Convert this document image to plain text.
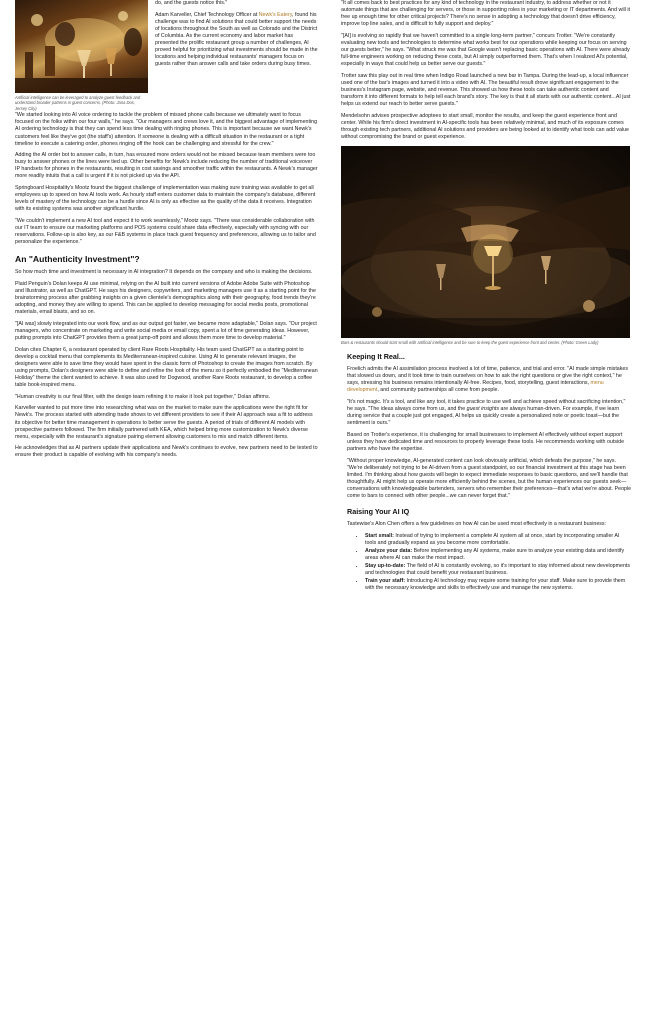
Artificial intelligence can be leveraged to analyze guest feedback and understand broader patterns in guest concerns. (Photo: Jana Dos, Jersey City)

do, and the guests notice this."

Adam Karveller, Chief Technology Officer at Newk's Eatery, found his challenge was to find AI solutions that could better support the needs of locations throughout the South as well as Colorado and the District of Columbia. As the current economy and labor market has presented the prolific restaurant group a number of challenges, AI proved helpful for prioritizing what investments should be made in the locations and helping individual restaurants' managers focus on guests rather than answer calls and take orders during busy times.

"We started looking into AI voice ordering to tackle the problem of missed phone calls because we ultimately want to focus focused on the folks within our four walls," he says. "Our managers and crews love it, and the biggest advantage of implementing AI ordering technology is that they can spend less time dealing with ringing phones. This is important because we want Newk's customers feel like they've got (the staff's) attention. If someone is dealing with a difficult situation in the restaurant or a tight timeline to execute a catering order, phones ringing off the hook can be challenging and stressful for the crew."

Adding the AI order bot to answer calls, in turn, has ensured more orders would not be missed because team members were too busy to answer phones or the lines were tied up. Other benefits for Newk's include reducing the number of traditional voiceover IP handsets for phones in the restaurants, resulting in cost savings and smoother traffic within the restaurants. A Newk's manager more readily intuits that a call is urgent if it is not picked up via the API.

Springboard Hospitality's Mootz found the biggest challenge of implementation was making sure training was available to get all employees up to speed on how AI tools work. As hourly staff enters customer data to maintain the company's database, different levels of mastery of the technology can be a hurdle since AI is only as effective as the quality of the data it receives. Integration with its existing systems was another significant hurdle.

"We couldn't implement a new AI tool and expect it to work seamlessly," Mootz says. "There was considerable collaboration with our IT team to ensure our marketing platforms and POS systems could share data effectively, especially with syncing with our reservations. Follow-up is also key, as our F&B systems in place track guest frequency and preferences, allowing us to tailor and personalize the experience."

An "Authenticity Investment"?

So how much time and investment is necessary in AI integration? It depends on the company and who is making the decisions.

Plaid Penguin's Dolan keeps AI use minimal, relying on the AI built into current versions of Adobe Adobe Suite with Photoshop and Illustrator, as well as ChatGPT. He says his designers, copywriters, and marketing managers use it as a starting point for the brainstorming process after grabbing insights on a given clientele's demographics along with their geography, food trends they're adopting, and money they are willing to spend. This can be applied to develop messaging for social media posts, promotional materials, email blasts, and so on.

"[AI was] slowly integrated into our work flow, and as our output got faster, we became more adaptable," Dolan says. "Our project managers, who concentrate on marketing and write social media or email copy, spent a lot of time generating ideas. However, putting prompts into ChatGPT provides them a great jump-off point and allows them more time to develop material."

Dolan cites Chapter 6, a restaurant operated by client Rare Roots Hospitality. His team used ChatGPT as a starting point to develop a cocktail menu that complements its Mediterranean-inspired cuisine. Using AI to generate relevant images, the designers were able to save time they would have spent in the classic form of Photoshop to create the images from scratch. By using prompts, Dolan's designers were able to define and refine the look of the menu so it perfectly embodied the "Mediterranean Holiday" theme the client wanted to achieve. It was also used for Dogwood, another Rare Roots restaurant, to develop a coffee table book-inspired menu.

"Human creativity is our final filter, with the design team refining it to make it look put together," Dolan affirms.

Karveller wanted to put more time into researching what was on the market to make sure the applications were the right fit for Newk's. The process started with attending trade shows to vet different providers to see if their AI approach was a fit to address its objective for better time management in operations to better serve the guests. A period of trials of different AI models with prospective partners followed. The firm initially partnered with KEA, which helped bring more customization to Newk's diverse menu, especially with the restaurant's signature pairing element allowing customers to mix and match different items.

He acknowledges that as AI partners update their applications and Newk's continues to evolve, new partners need to be tested to ensure their product is capable of evolving with his company's needs.

"It all comes back to best practices for any kind of technology in the restaurant industry, to address whether or not it automate things that are challenging for servers, or those in supporting roles in your marketing or IT departments. And will it free up enough time for other critical projects? There's no sense in adopting a technology that doesn't drive efficiency, improve top line sales, and is difficult to fully support and deploy."

"[AI] is evolving so rapidly that we haven't committed to a single long-term partner," concurs Trotter. "We're constantly evaluating new tools and technologies to determine what works best for our operations while keeping our focus on serving our guests better," he says. "What struck me was that Google wasn't replacing basic operations with AI. There were already full-time engineers working on reducing these costs, but AI simply outperformed them. That's when I realized AI's potential, especially in ways that could help us better serve our guests."

Trotter saw this play out in real time when Indigo Road launched a new bar in Tampa. During the lead-up, a local influencer used one of the bar's images and turned it into a video with AI. The beautiful result drove significant engagement to the business's Instagram page, website, and revenue. This showed us how these tools can take authentic content and transform it into different formats to help tell each brand's story. The key is that it all starts with our authentic content...AI just helps us extend our reach to better serve guests."

Mendelsohn advises prospective adoptees to start small, monitor the results, and keep the guest experience front and center. While his firm's direct investment in AI-specific tools has been relatively minimal, and much of its exposure comes through existing tech partners, additional AI solutions and providers are being looked at to identify what tools can add value without compromising the brand or guest experience.

Bars & restaurants should start small with artificial intelligence and be sure to keep the guest experience front and center. (Photo: Green Lady)
Keeping It Real...

Froelich admits the AI assimilation process involved a lot of time, patience, and trial and error. "AI made simple mistakes that slowed us down, and it took time to train ourselves on how to ask the right questions or give the right context," he says, stressing his business remains intentionally AI-free. Recipes, food, storytelling, guest interactions, menu development, and community partnerships all come from people.

"It's not magic. It's a tool, and like any tool, it takes practice to use well and achieve speed without sacrificing intention," he says. "The ideas always come from us, and the guest insights are always human-driven. For example, if we learn during service that a couple just got engaged, AI helps us quickly create a personalized note or poetic toast—but the sentiment is ours."

Based on Trotter's experience, it is challenging for small businesses to implement AI effectively without expert support unless they have dedicated time and resources to properly leverage these tools. He recommends working with outside partners who have the expertise.

"Without proper knowledge, AI-generated content can look obviously artificial, which defeats the purpose," he says. "We're deliberately not trying to be AI-driven from a guest standpoint, so our financial investment at this stage has been limited. I'm thinking about how guests will begin to expect immediate responses to basic questions, and we'll handle that thoughtfully. AI might help us operate more efficiently behind the scenes, but the human experiences our guests seek—conversations with knowledgeable bartenders, servers who remember their preferences—that's what we're about. People come to bars to connect with other people...we can never forget that."

Raising Your AI IQ

Tastewise's Alon Chen offers a few guidelines on how AI can be used most effectively in a restaurant business:

• Start small: Instead of trying to implement a complete AI system all at once, start by incorporating smaller AI tools and gradually expand as you become more comfortable.
• Analyze your data: Before implementing any AI systems, make sure to analyze your existing data and identify areas where AI can make the most impact.
• Stay up-to-date: The field of AI is constantly evolving, so it's important to stay informed about new developments and technologies that could benefit your restaurant business.
• Train your staff: Introducing AI technology may require some training for your staff. Make sure to provide them with the necessary knowledge and skills to effectively use and manage the new systems.
